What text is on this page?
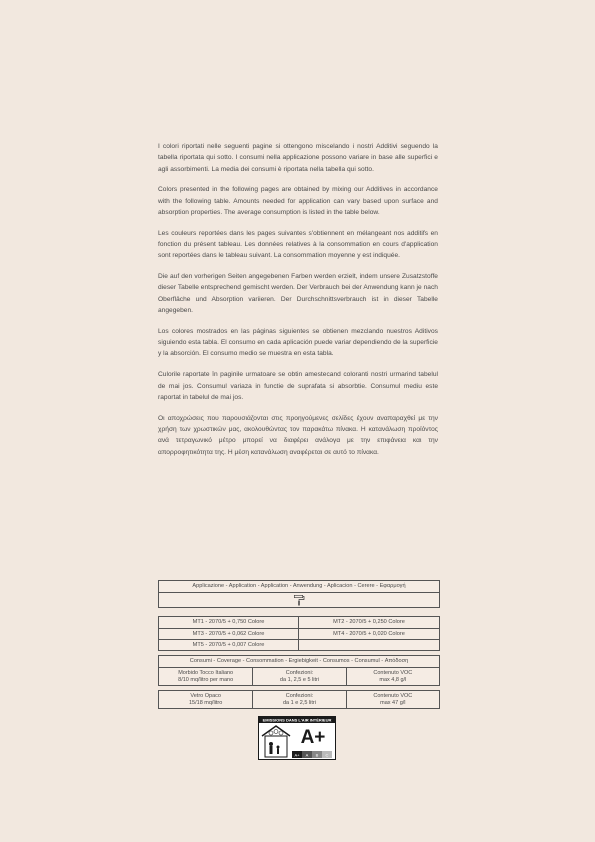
I colori riportati nelle seguenti pagine si ottengono miscelando i nostri Additivi seguendo la tabella riportata qui sotto. I consumi nella applicazione possono variare in base alle superfici e agli assorbimenti. La media dei consumi è riportata nella tabella qui sotto.

Colors presented in the following pages are obtained by mixing our Additives in accordance with the following table. Amounts needed for application can vary based upon surface and absorption properties. The average consumption is listed in the table below.

Les couleurs reportées dans les pages suivantes s'obtiennent en mélangeant nos additifs en fonction du présent tableau. Les données relatives à la consommation en cours d'application sont reportées dans le tableau suivant. La consommation moyenne y est indiquée.

Die auf den vorherigen Seiten angegebenen Farben werden erzielt, indem unsere Zusatzstoffe dieser Tabelle entsprechend gemischt werden. Der Verbrauch bei der Anwendung kann je nach Oberfläche und Absorption variieren. Der Durchschnittsverbrauch ist in dieser Tabelle angegeben.

Los colores mostrados en las páginas siguientes se obtienen mezclando nuestros Aditivos siguiendo esta tabla. El consumo en cada aplicación puede variar dependiendo de la superficie y la absorción. El consumo medio se muestra en esta tabla.

Culorile raportate în paginile urmatoare se obtin amestecand coloranti nostri urmarind tabelul de mai jos. Consumul variaza in functie de suprafata si absorbtie. Consumul mediu este raportat in tabelul de mai jos.

Οι αποχρώσεις που παρουσιάζονται στις προηγούμενες σελίδες έχουν αναπαραχθεί με την χρήση των χρωστικών μας, ακολουθώντας τον παρακάτω πίνακα. Η κατανάλωση προϊόντος ανά τετραγωνικό μέτρο μπορεί να διαφέρει ανάλογα με την επιφάνεια και την απορροφητικότητα της. Η μέση κατανάλωση αναφέρεται σε αυτό το πίνακα.

Applicazione - Application - Application - Anwendung - Aplicacion - Cerere - Εφαρμογή
MT1 - 2070/5 + 0,750 Colore	MT2 - 2070/5 + 0,250 Colore
MT3 - 2070/5 + 0,062 Colore	MT4 - 2070/5 + 0,020 Colore
MT5 - 2070/5 + 0,007 Colore
Consumi - Coverage - Consommation - Ergiebigkeit - Consumos - Consumul - Απόδοση
Morbido Tocco Italiano
8/10 mq/litro per mano
Confezioni:
da 1, 2,5 e 5 litri
Contenuto VOC
max 4,8 g/l
Vetro Opaco
15/18 mq/litro
Confezioni:
da 1 e 2,5 litri
Contenuto VOC
max 47 g/l
EMISSIONS DANS L'AIR INTÉRIEUR
A+
A+ A B C
